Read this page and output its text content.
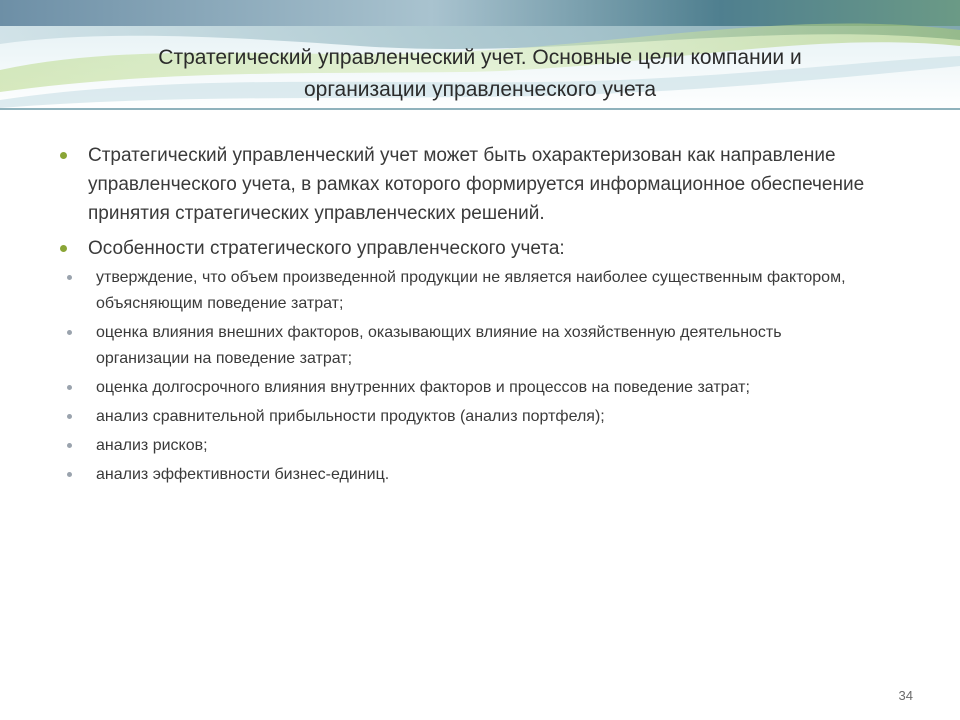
Стратегический управленческий учет. Основные цели компании и
организации управленческого учета
Стратегический управленческий учет может быть охарактеризован как направление управленческого учета, в рамках которого формируется информационное обеспечение принятия стратегических управленческих решений.
Особенности стратегического управленческого учета:
утверждение, что объем произведенной продукции не является наиболее существенным фактором, объясняющим поведение затрат;
оценка влияния внешних факторов, оказывающих влияние на хозяйственную деятельность организации на поведение затрат;
оценка долгосрочного влияния внутренних факторов и процессов на поведение затрат;
анализ сравнительной прибыльности продуктов (анализ портфеля);
анализ рисков;
анализ эффективности бизнес-единиц.
34
